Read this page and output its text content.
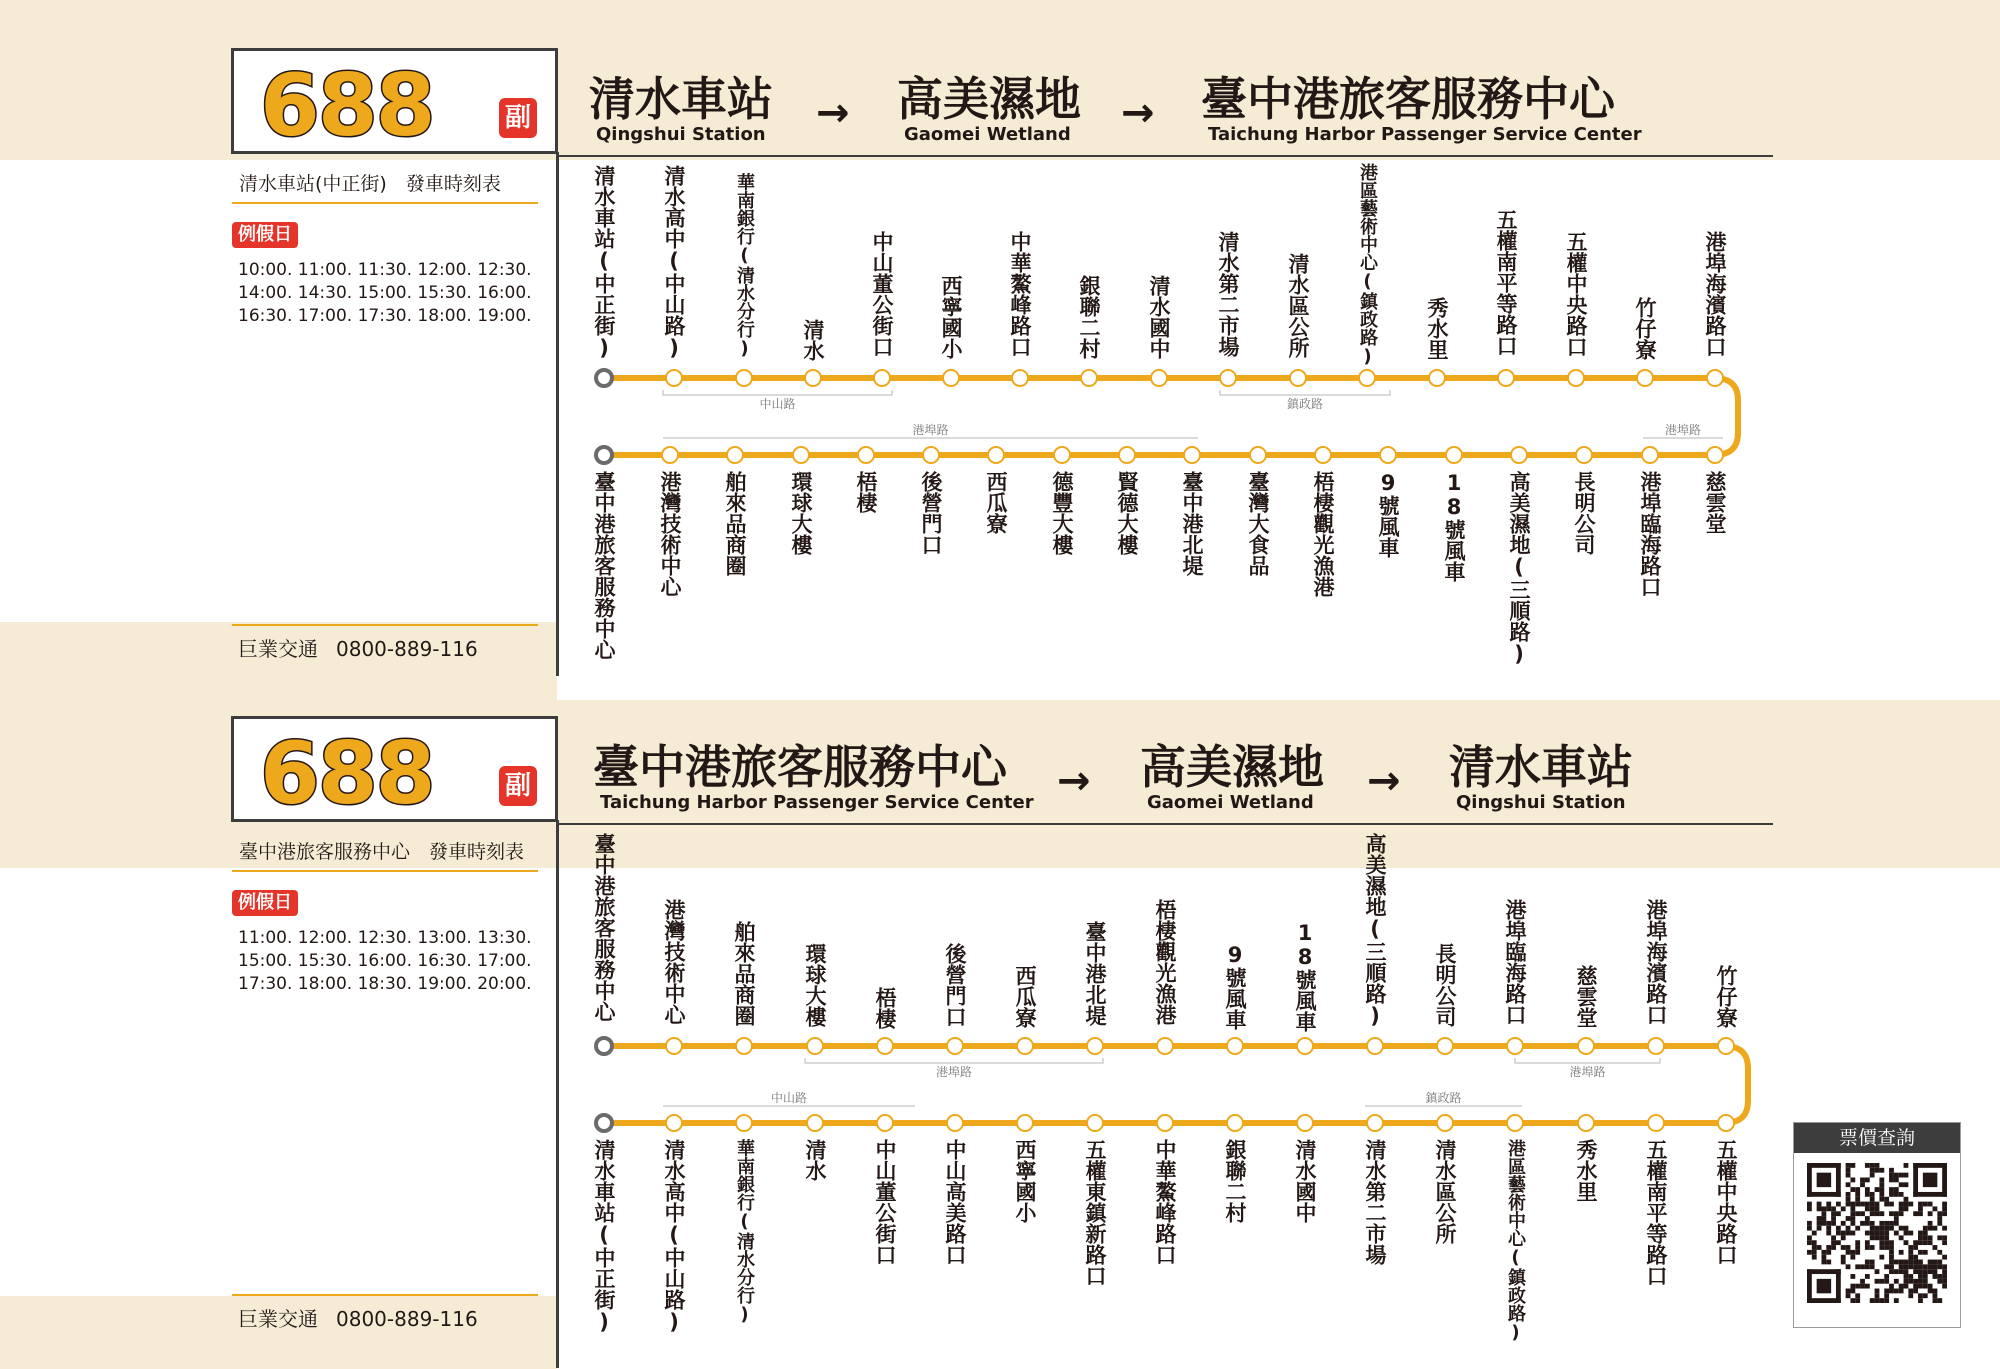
票價查詢
688	副 清水車站
Qingshui Station
高美濕地
Gaomei Wetland
臺中港旅客服務中心
Taichung Harbor Passenger Service Center
→	→
清水車站(中正街)　發車時刻表
例假日
10:00. 11:00. 11:30. 12:00. 12:30.
14:00. 14:30. 15:00. 15:30. 16:00.
16:30. 17:00. 17:30. 18:00. 19:00.
巨業交通 0800-889-116
中山路	鎮政路
港埠路	港埠路
清水車站(中正街) 清水高中(中山路)	華南銀行(清水分行) 清水 中山董公街口 西寧國小 中華鰲峰路口 銀聯二村 清水國中 清水第二市場 清水區公所	港區藝術中心(鎮政路) 秀水里 五權南平等路口 五權中央路口 竹仔寮 港埠海濱路口
臺中港旅客服務中心 港灣技術中心 舶來品商圈 環球大樓 梧棲 後營門口 西瓜寮 德豐大樓 賢德大樓 臺中港北堤 臺灣大食品 梧棲觀光漁港 9號風車 18號風車 高美濕地(三順路) 長明公司 港埠臨海路口 慈雲堂
688	副 臺中港旅客服務中心
Taichung Harbor Passenger Service Center
高美濕地
Gaomei Wetland
清水車站
Qingshui Station
→	→
臺中港旅客服務中心　發車時刻表
例假日
11:00. 12:00. 12:30. 13:00. 13:30.
15:00. 15:30. 16:00. 16:30. 17:00.
17:30. 18:00. 18:30. 19:00. 20:00.
巨業交通 0800-889-116
港埠路	港埠路
中山路	鎮政路
臺中港旅客服務中心 港灣技術中心 舶來品商圈 環球大樓 梧棲 後營門口 西瓜寮 臺中港北堤 梧棲觀光漁港 9號風車 18號風車 高美濕地(三順路) 長明公司 港埠臨海路口 慈雲堂 港埠海濱路口 竹仔寮
清水車站(中正街) 清水高中(中山路)	華南銀行(清水分行) 清水 中山董公街口 中山高美路口 西寧國小 五權東鎮新路口 中華鰲峰路口 銀聯二村 清水國中 清水第二市場 清水區公所	港區藝術中心(鎮政路) 秀水里 五權南平等路口 五權中央路口
